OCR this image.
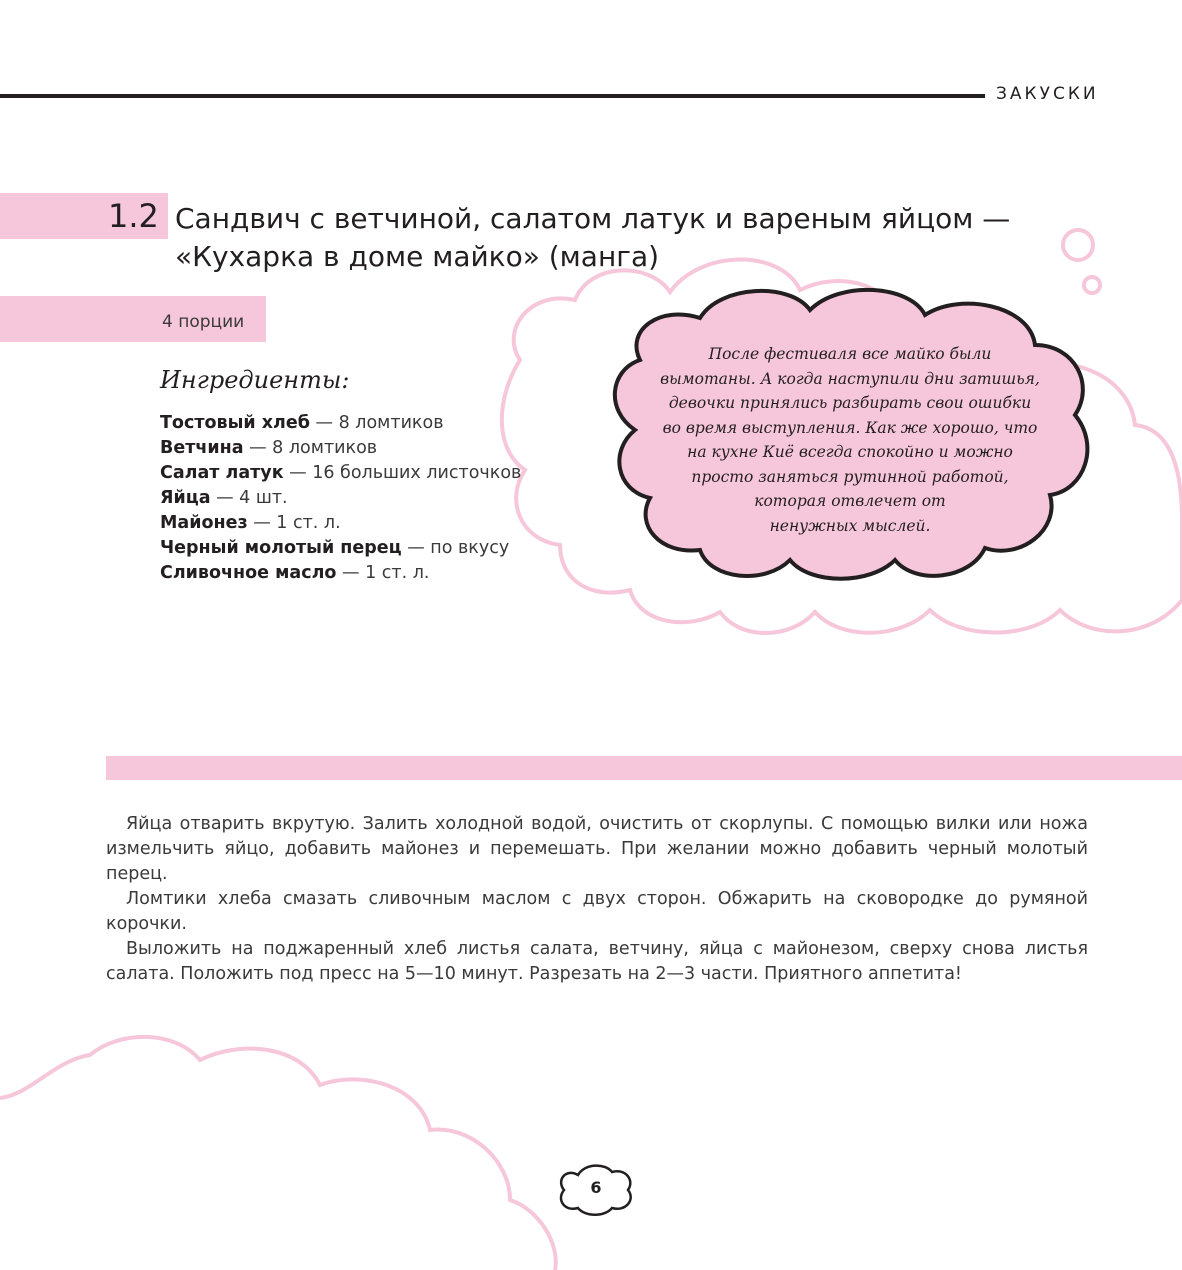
ЗАКУСКИ
1.2 Сандвич с ветчиной, салатом латук и вареным яйцом —
«Кухарка в доме майко» (манга)
4 порции
Ингредиенты:
Тостовый хлеб — 8 ломтиков
Ветчина — 8 ломтиков
Салат латук — 16 больших листочков
Яйца — 4 шт.
Майонез — 1 ст. л.
Черный молотый перец — по вкусу
Сливочное масло — 1 ст. л.
После фестиваля все майко были
вымотаны. А когда наступили дни затишья,
девочки принялись разбирать свои ошибки
во время выступления. Как же хорошо, что
на кухне Киё всегда спокойно и можно
просто заняться рутинной работой,
которая отвлечет от
ненужных мыслей.

Яйца отварить вкрутую. Залить холодной водой, очистить от скорлупы. С помощью вилки или ножа измельчить яйцо, добавить майонез и перемешать. При желании можно добавить черный молотый перец.

Ломтики хлеба смазать сливочным маслом с двух сторон. Обжарить на сковородке до румяной корочки.

Выложить на поджаренный хлеб листья салата, ветчину, яйца с майонезом, сверху снова листья салата. Положить под пресс на 5—10 минут. Разрезать на 2—3 части. Приятного аппетита!

6
